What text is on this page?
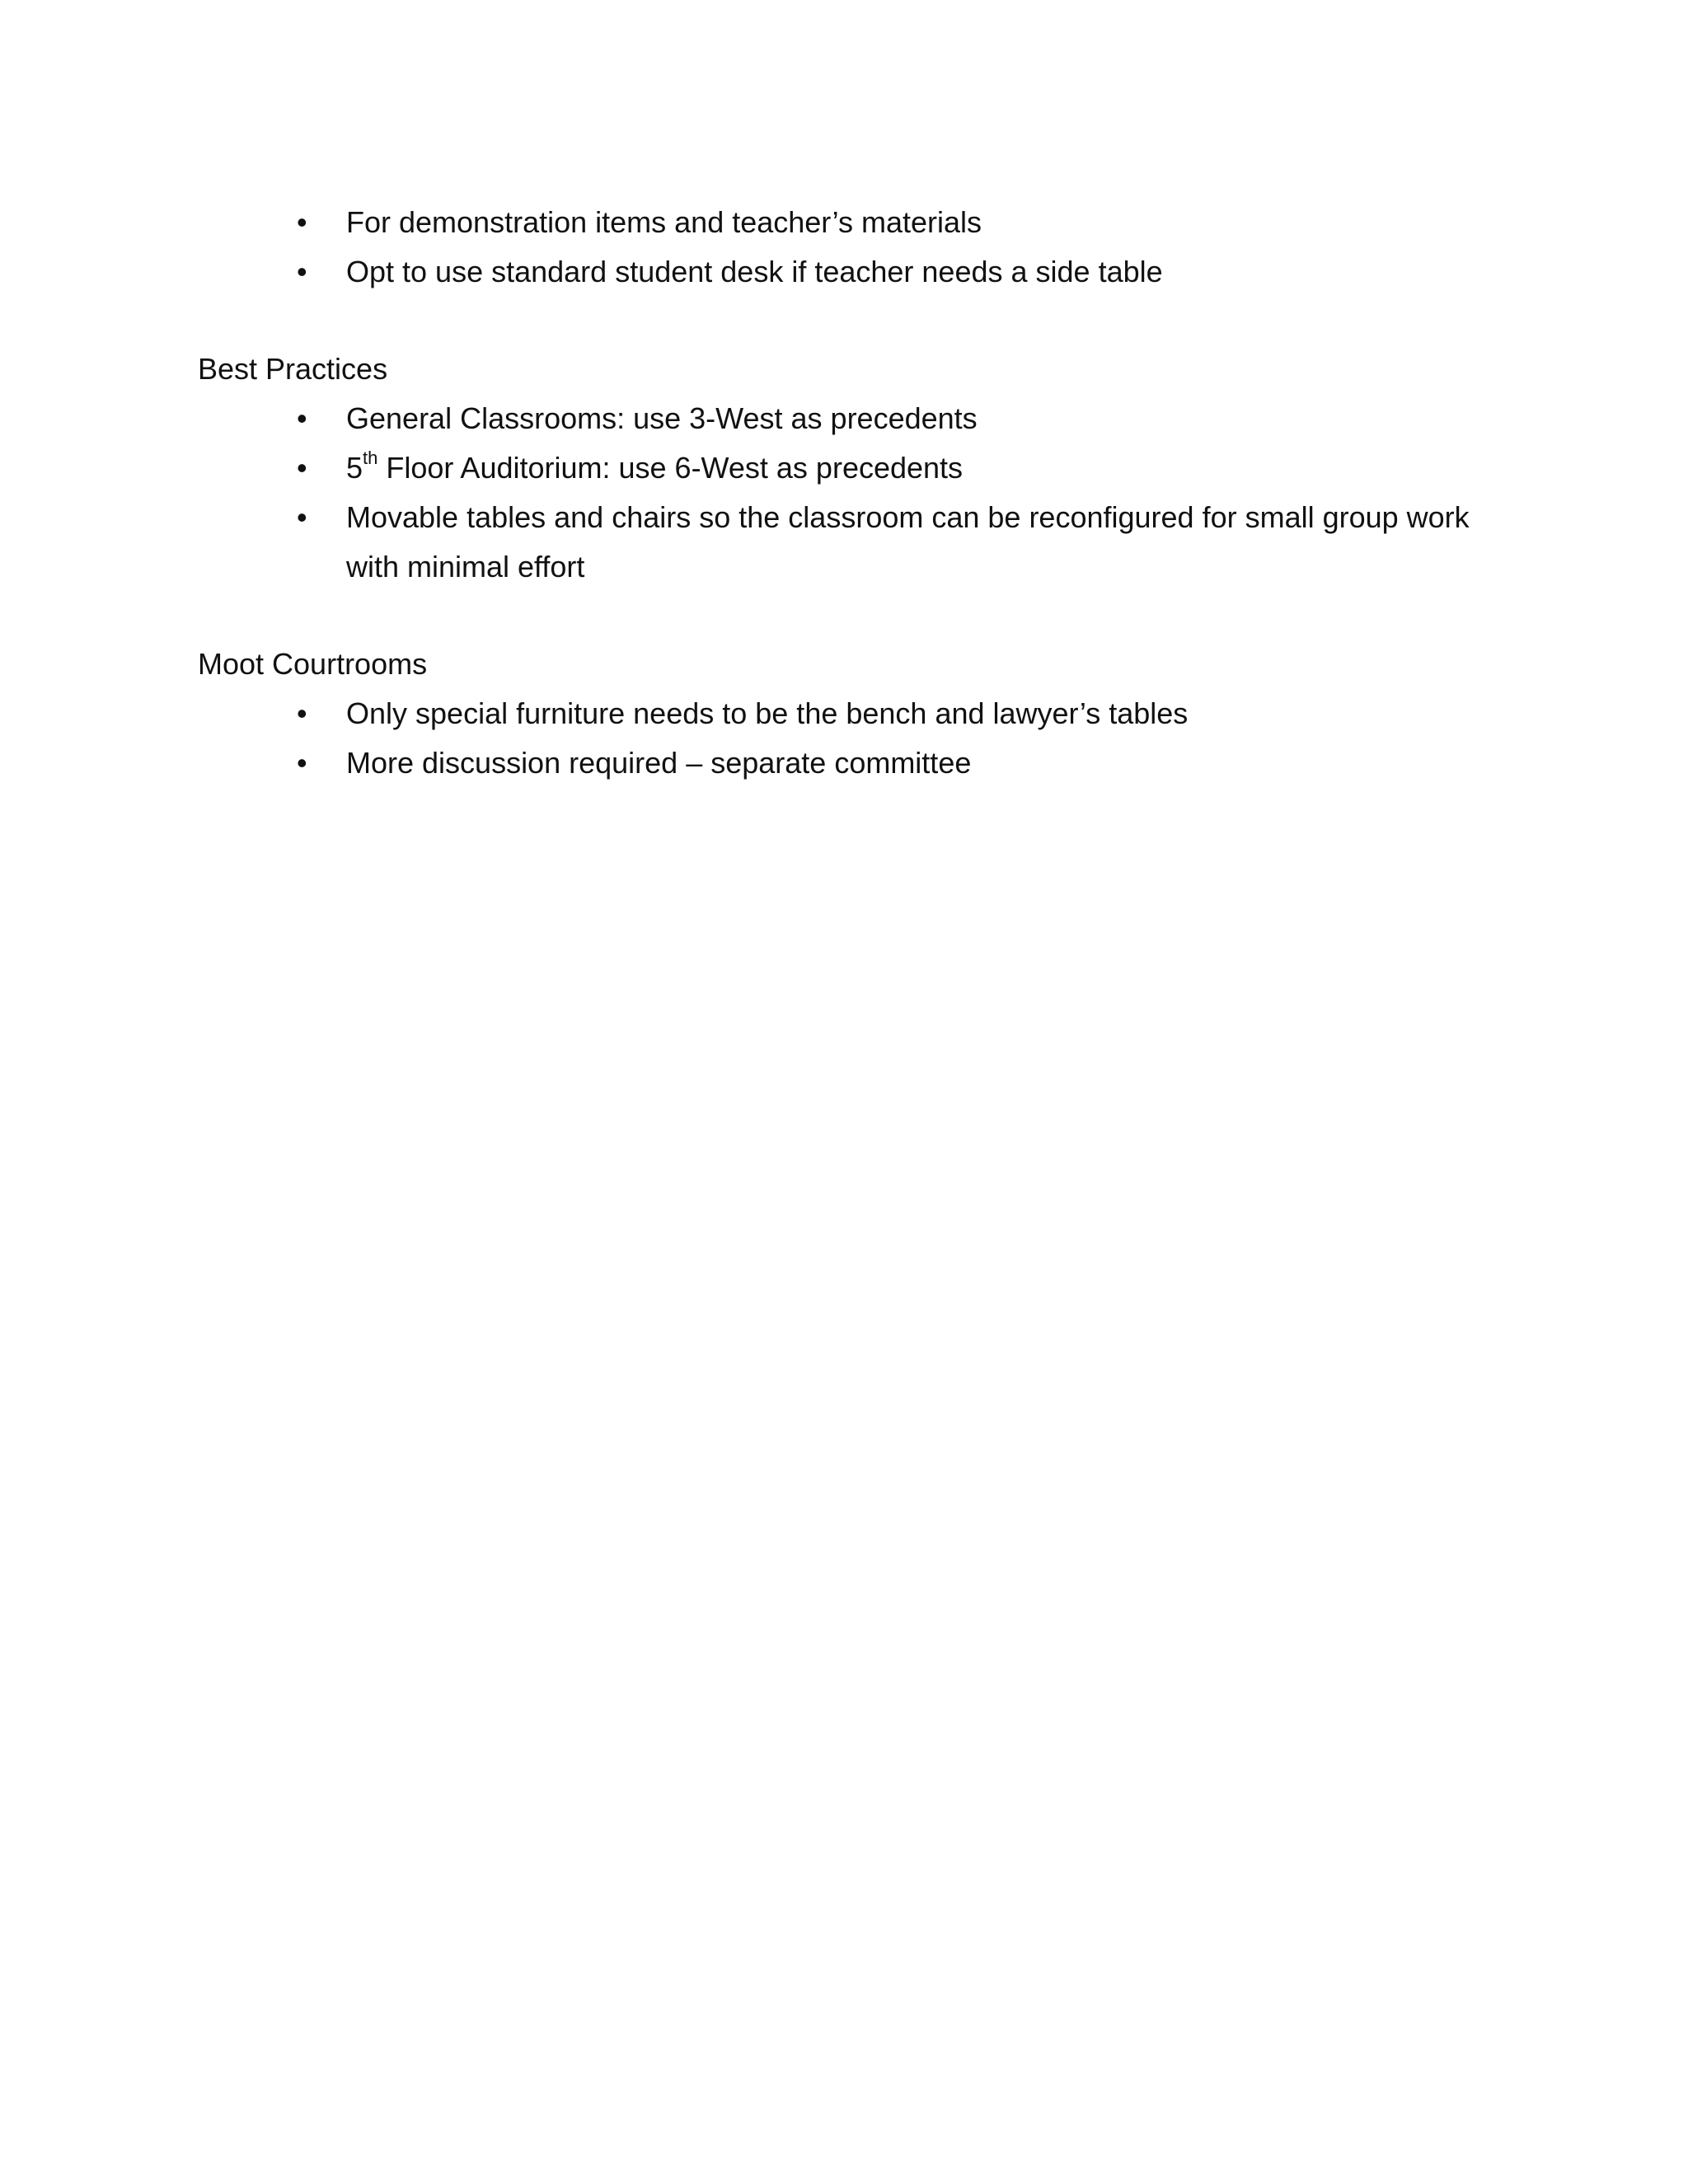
• For demonstration items and teacher’s materials
• Opt to use standard student desk if teacher needs a side table

Best Practices

• General Classrooms: use 3-West as precedents
• 5th Floor Auditorium: use 6-West as precedents
• Movable tables and chairs so the classroom can be reconfigured for small group work with minimal effort

Moot Courtrooms

• Only special furniture needs to be the bench and lawyer’s tables
• More discussion required – separate committee
